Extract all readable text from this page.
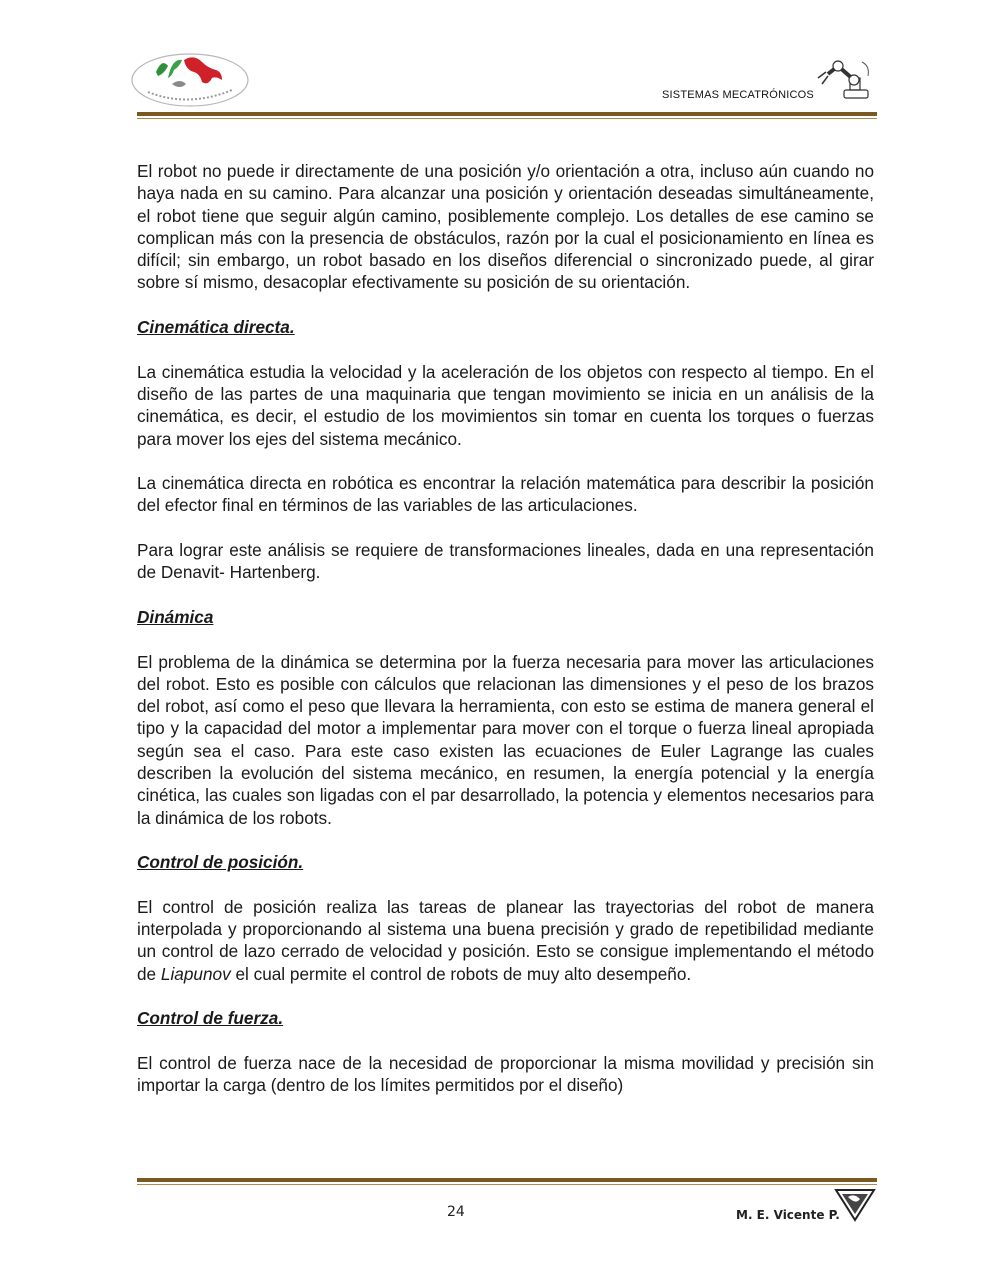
SISTEMAS MECATRÓNICOS

El robot no puede ir directamente de una posición y/o orientación a otra, incluso aún cuando no haya nada en su camino. Para alcanzar una posición y orientación deseadas simultáneamente, el robot tiene que seguir algún camino, posiblemente complejo. Los detalles de ese camino se complican más con la presencia de obstáculos, razón por la cual el posicionamiento en línea es difícil; sin embargo, un robot basado en los diseños diferencial o sincronizado puede, al girar sobre sí mismo, desacoplar efectivamente su posición de su orientación.

Cinemática directa.

La cinemática estudia la velocidad y la aceleración de los objetos con respecto al tiempo. En el diseño de las partes de una maquinaria que tengan movimiento se inicia en un análisis de la cinemática, es decir, el estudio de los movimientos sin tomar en cuenta los torques o fuerzas para mover los ejes del sistema mecánico.

La cinemática directa en robótica es encontrar la relación matemática para describir la posición del efector final en términos de las variables de las articulaciones.

Para lograr este análisis se requiere de transformaciones lineales, dada en una representación de Denavit- Hartenberg.

Dinámica

El problema de la dinámica se determina por la fuerza necesaria para mover las articulaciones del robot. Esto es posible con cálculos que relacionan las dimensiones y el peso de los brazos del robot, así como el peso que llevara la herramienta, con esto se estima de manera general el tipo y la capacidad del motor a implementar para mover con el torque o fuerza lineal apropiada según sea el caso. Para este caso existen las ecuaciones de Euler Lagrange las cuales describen la evolución del sistema mecánico, en resumen, la energía potencial y la energía cinética, las cuales son ligadas con el par desarrollado, la potencia y elementos necesarios para la dinámica de los robots.

Control de posición.

El control de posición realiza las tareas de planear las trayectorias del robot de manera interpolada y proporcionando al sistema una buena precisión y grado de repetibilidad mediante un control de lazo cerrado de velocidad y posición. Esto se consigue implementando el método de Liapunov el cual permite el control de robots de muy alto desempeño.

Control de fuerza.

El control de fuerza nace de la necesidad de proporcionar la misma movilidad y precisión sin importar la carga (dentro de los límites permitidos por el diseño)

24	M. E. Vicente P.
